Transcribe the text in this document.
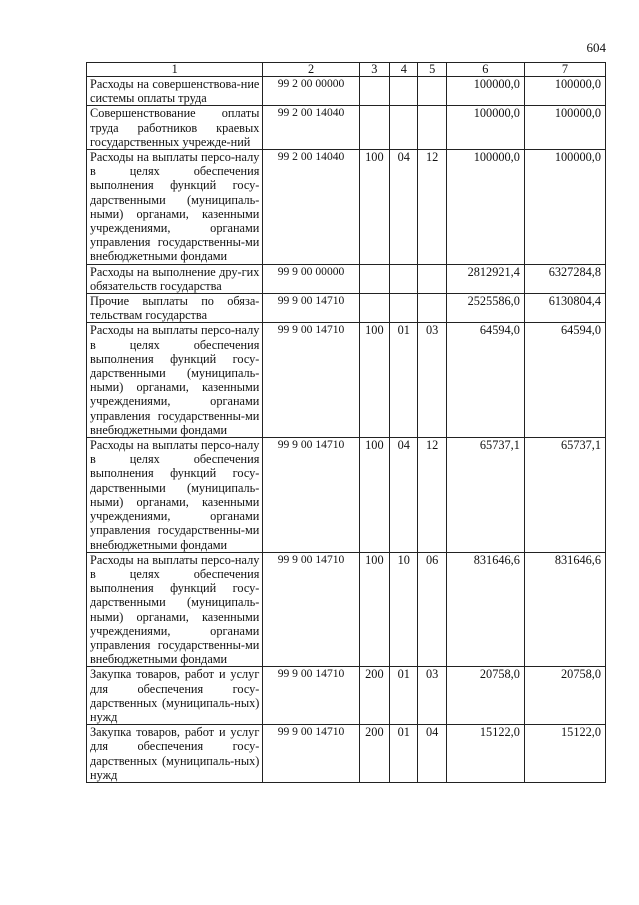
604
1	2	3	4	5	6	7
Расходы на совершенствова-ние системы оплаты труда	99 2 00 00000				100000,0	100000,0
Совершенствование оплаты труда работников краевых государственных учрежде-ний	99 2 00 14040				100000,0	100000,0
Расходы на выплаты персо-налу в целях обеспечения выполнения функций госу-дарственными (муниципаль-ными) органами, казенными учреждениями, органами управления государственны-ми внебюджетными фондами	99 2 00 14040	100	04	12	100000,0	100000,0
Расходы на выполнение дру-гих обязательств государства	99 9 00 00000				2812921,4	6327284,8
Прочие выплаты по обяза-тельствам государства	99 9 00 14710				2525586,0	6130804,4
Расходы на выплаты персо-налу в целях обеспечения выполнения функций госу-дарственными (муниципаль-ными) органами, казенными учреждениями, органами управления государственны-ми внебюджетными фондами	99 9 00 14710	100	01	03	64594,0	64594,0
Расходы на выплаты персо-налу в целях обеспечения выполнения функций госу-дарственными (муниципаль-ными) органами, казенными учреждениями, органами управления государственны-ми внебюджетными фондами	99 9 00 14710	100	04	12	65737,1	65737,1
Расходы на выплаты персо-налу в целях обеспечения выполнения функций госу-дарственными (муниципаль-ными) органами, казенными учреждениями, органами управления государственны-ми внебюджетными фондами	99 9 00 14710	100	10	06	831646,6	831646,6
Закупка товаров, работ и услуг для обеспечения госу-дарственных (муниципаль-ных) нужд	99 9 00 14710	200	01	03	20758,0	20758,0
Закупка товаров, работ и услуг для обеспечения госу-дарственных (муниципаль-ных) нужд	99 9 00 14710	200	01	04	15122,0	15122,0
